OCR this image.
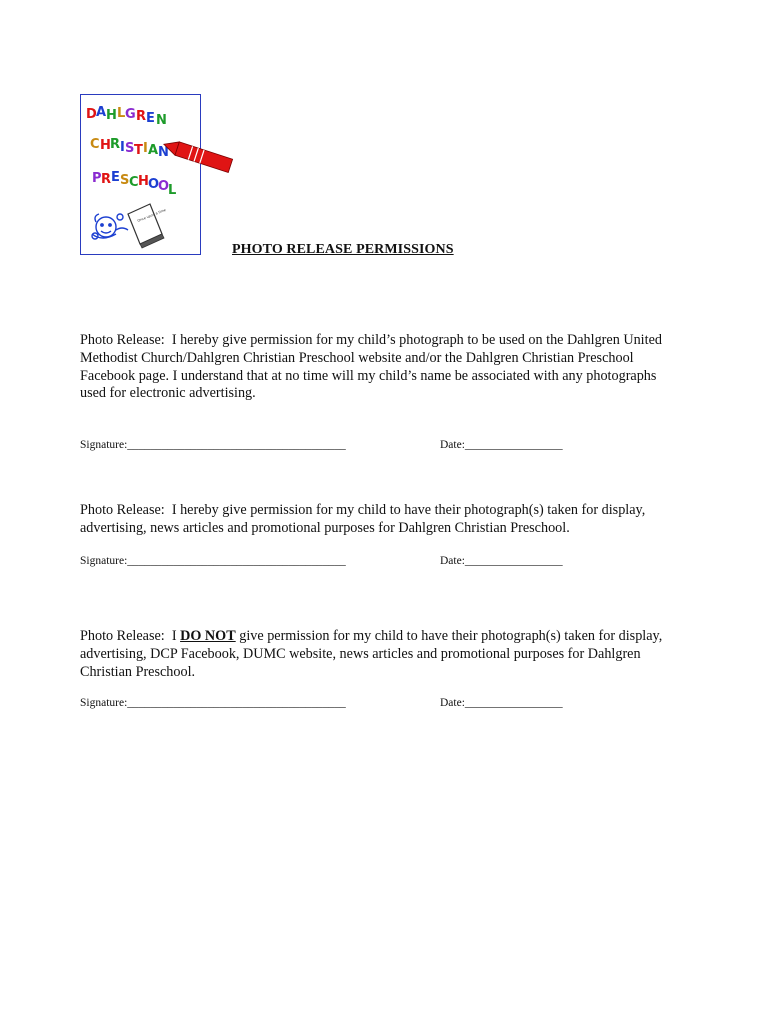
D A H L G R E N
C H R I S T I A N
P R E S C H O
O
L
Once upon a time
PHOTO RELEASE PERMISSIONS

Photo Release: I hereby give permission for my child’s photograph to be used on the Dahlgren United Methodist Church/Dahlgren Christian Preschool website and/or the Dahlgren Christian Preschool Facebook page. I understand that at no time will my child’s name be associated with any photographs used for electronic advertising.

Signature:______________________________________	Date:_________________

Photo Release: I hereby give permission for my child to have their photograph(s) taken for display, advertising, news articles and promotional purposes for Dahlgren Christian Preschool.

Signature:______________________________________	Date:_________________

Photo Release: I DO NOT give permission for my child to have their photograph(s) taken for display, advertising, DCP Facebook, DUMC website, news articles and promotional purposes for Dahlgren Christian Preschool.

Signature:______________________________________	Date:_________________
